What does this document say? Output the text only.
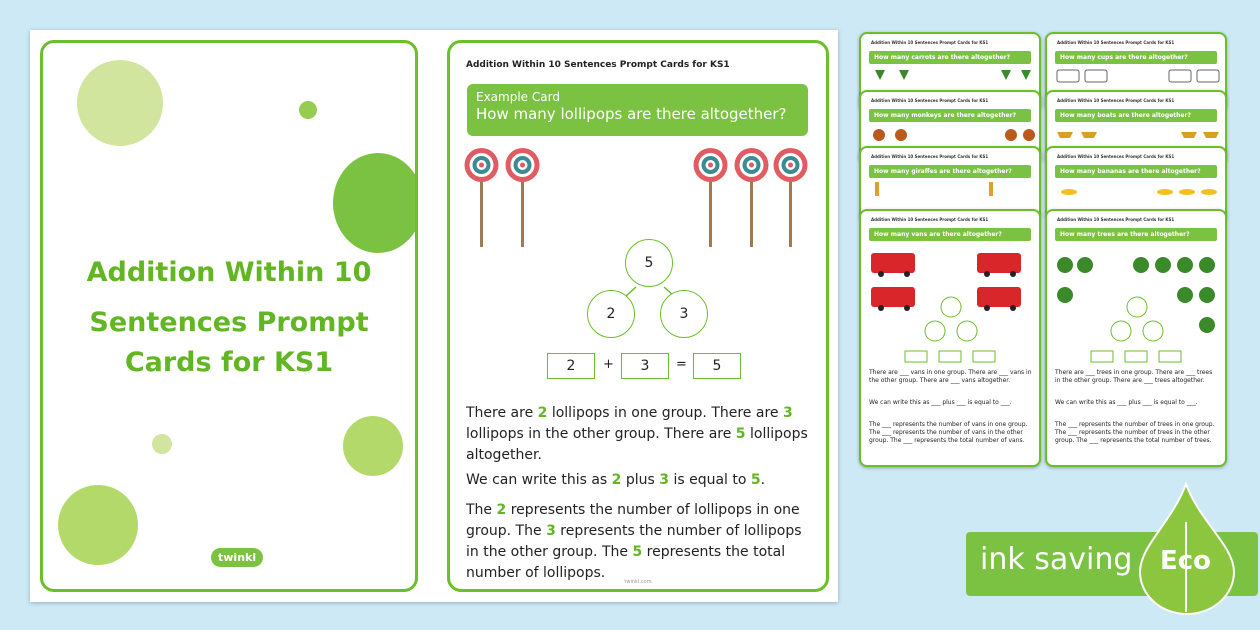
Addition Within 10
Sentences Prompt
Cards for KS1
twinkl
Addition Within 10 Sentences Prompt Cards for KS1
Example Card
How many lollipops are there altogether?
5
2	3
2	+	3	=	5
There are 2 lollipops in one group. There are 3 lollipops in the other group. There are 5 lollipops altogether.
We can write this as 2 plus 3 is equal to 5.
The 2 represents the number of lollipops in one group. The 3 represents the number of lollipops in the other group. The 5 represents the total number of lollipops.
twinkl.com
Addition Within 10 Sentences Prompt Cards for KS1
How many carrots are there altogether?
Addition Within 10 Sentences Prompt Cards for KS1
How many cups are there altogether?
Addition Within 10 Sentences Prompt Cards for KS1
How many monkeys are there altogether?
Addition Within 10 Sentences Prompt Cards for KS1
How many boats are there altogether?
Addition Within 10 Sentences Prompt Cards for KS1
How many giraffes are there altogether?
Addition Within 10 Sentences Prompt Cards for KS1
How many bananas are there altogether?
Addition Within 10 Sentences Prompt Cards for KS1
How many vans are there altogether?
There are ___ vans in one group. There are ___ vans in the other group. There are ___ vans altogether.
We can write this as ___ plus ___ is equal to ___.
The ___ represents the number of vans in one group. The ___ represents the number of vans in the other group. The ___ represents the total number of vans.
Addition Within 10 Sentences Prompt Cards for KS1
How many trees are there altogether?
There are ___ trees in one group. There are ___ trees in the other group. There are ___ trees altogether.
We can write this as ___ plus ___ is equal to ___.
The ___ represents the number of trees in one group. The ___ represents the number of trees in the other group. The ___ represents the total number of trees.
ink saving Eco
